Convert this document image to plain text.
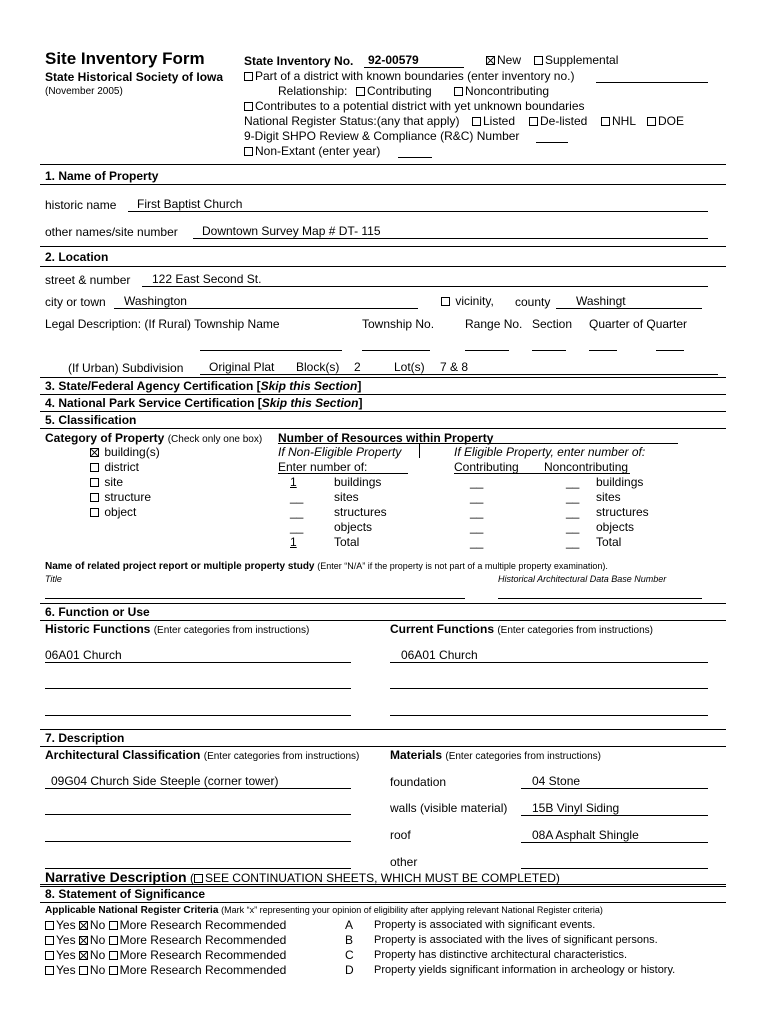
Site Inventory Form
State Historical Society of Iowa
(November 2005)
State Inventory No.	92-00579	New	Supplemental
Part of a district with known boundaries (enter inventory no.)
Relationship:	Contributing	Noncontributing
Contributes to a potential district with yet unknown boundaries
National Register Status:(any that apply)	Listed	De-listed	NHL	DOE
9-Digit SHPO Review & Compliance (R&C) Number
Non-Extant (enter year)
1. Name of Property
historic name	First Baptist Church
other names/site number	Downtown Survey Map # DT- 115
2. Location
street & number	122 East Second St.
city or town	Washington	vicinity, county	Washingt
Legal Description: (If Rural) Township Name	Township No.	Range No. Section Quarter of Quarter
(If Urban) Subdivision Original Plat Block(s) 2	Lot(s) 7 & 8
3. State/Federal Agency Certification [Skip this Section]
4. National Park Service Certification [Skip this Section]
5. Classification
Category of Property (Check only one box) Number of Resources within Property
building(s)
district
site
structure
object
If Non-Eligible Property	If Eligible Property, enter number of:
Enter number of:	Contributing Noncontributing
1	buildings	__	__ buildings
__	sites	__	__ sites
__	structures	__	__ structures
__	objects	__	__ objects
1	Total	__	__ Total
Name of related project report or multiple property study (Enter “N/A” if the property is not part of a multiple property examination).
Title	Historical Architectural Data Base Number
6. Function or Use
Historic Functions (Enter categories from instructions)	Current Functions (Enter categories from instructions)
06A01 Church	06A01 Church
7. Description
Architectural Classification (Enter categories from instructions)	Materials (Enter categories from instructions)
09G04 Church Side Steeple (corner tower)	foundation	04 Stone
walls (visible material)	15B Vinyl Siding
roof	08A Asphalt Shingle
other
Narrative Description ( SEE CONTINUATION SHEETS, WHICH MUST BE COMPLETED)
8. Statement of Significance
Applicable National Register Criteria (Mark “x” representing your opinion of eligibility after applying relevant National Register criteria)
Yes No More Research Recommended	A Property is associated with significant events.
Yes No More Research Recommended	B Property is associated with the lives of significant persons.
Yes No More Research Recommended	C Property has distinctive architectural characteristics.
Yes No More Research Recommended	D Property yields significant information in archeology or history.
